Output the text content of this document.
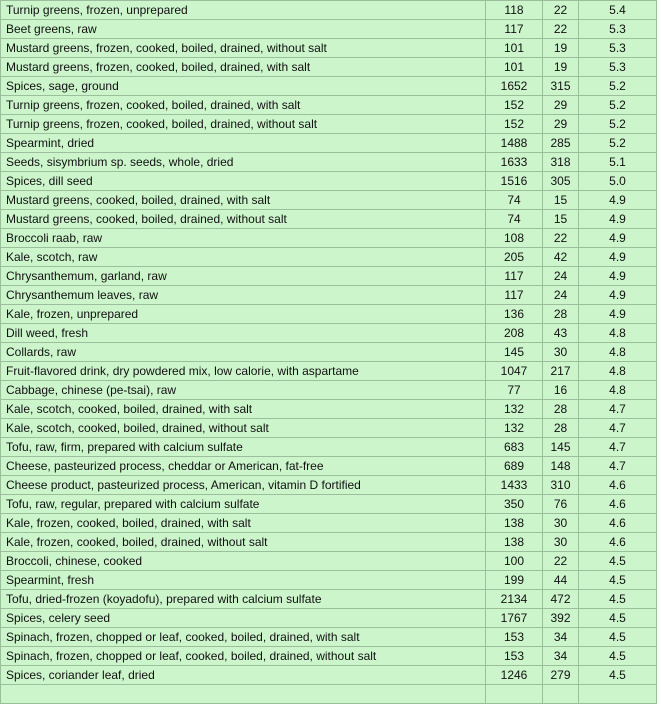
Turnip greens, frozen, unprepared	118	22	5.4
Beet greens, raw	117	22	5.3
Mustard greens, frozen, cooked, boiled, drained, without salt	101	19	5.3
Mustard greens, frozen, cooked, boiled, drained, with salt	101	19	5.3
Spices, sage, ground	1652	315	5.2
Turnip greens, frozen, cooked, boiled, drained, with salt	152	29	5.2
Turnip greens, frozen, cooked, boiled, drained, without salt	152	29	5.2
Spearmint, dried	1488	285	5.2
Seeds, sisymbrium sp. seeds, whole, dried	1633	318	5.1
Spices, dill seed	1516	305	5.0
Mustard greens, cooked, boiled, drained, with salt	74	15	4.9
Mustard greens, cooked, boiled, drained, without salt	74	15	4.9
Broccoli raab, raw	108	22	4.9
Kale, scotch, raw	205	42	4.9
Chrysanthemum, garland, raw	117	24	4.9
Chrysanthemum leaves, raw	117	24	4.9
Kale, frozen, unprepared	136	28	4.9
Dill weed, fresh	208	43	4.8
Collards, raw	145	30	4.8
Fruit-flavored drink, dry powdered mix, low calorie, with aspartame	1047	217	4.8
Cabbage, chinese (pe-tsai), raw	77	16	4.8
Kale, scotch, cooked, boiled, drained, with salt	132	28	4.7
Kale, scotch, cooked, boiled, drained, without salt	132	28	4.7
Tofu, raw, firm, prepared with calcium sulfate	683	145	4.7
Cheese, pasteurized process, cheddar or American, fat-free	689	148	4.7
Cheese product, pasteurized process, American, vitamin D fortified	1433	310	4.6
Tofu, raw, regular, prepared with calcium sulfate	350	76	4.6
Kale, frozen, cooked, boiled, drained, with salt	138	30	4.6
Kale, frozen, cooked, boiled, drained, without salt	138	30	4.6
Broccoli, chinese, cooked	100	22	4.5
Spearmint, fresh	199	44	4.5
Tofu, dried-frozen (koyadofu), prepared with calcium sulfate	2134	472	4.5
Spices, celery seed	1767	392	4.5
Spinach, frozen, chopped or leaf, cooked, boiled, drained, with salt	153	34	4.5
Spinach, frozen, chopped or leaf, cooked, boiled, drained, without salt	153	34	4.5
Spices, coriander leaf, dried	1246	279	4.5
